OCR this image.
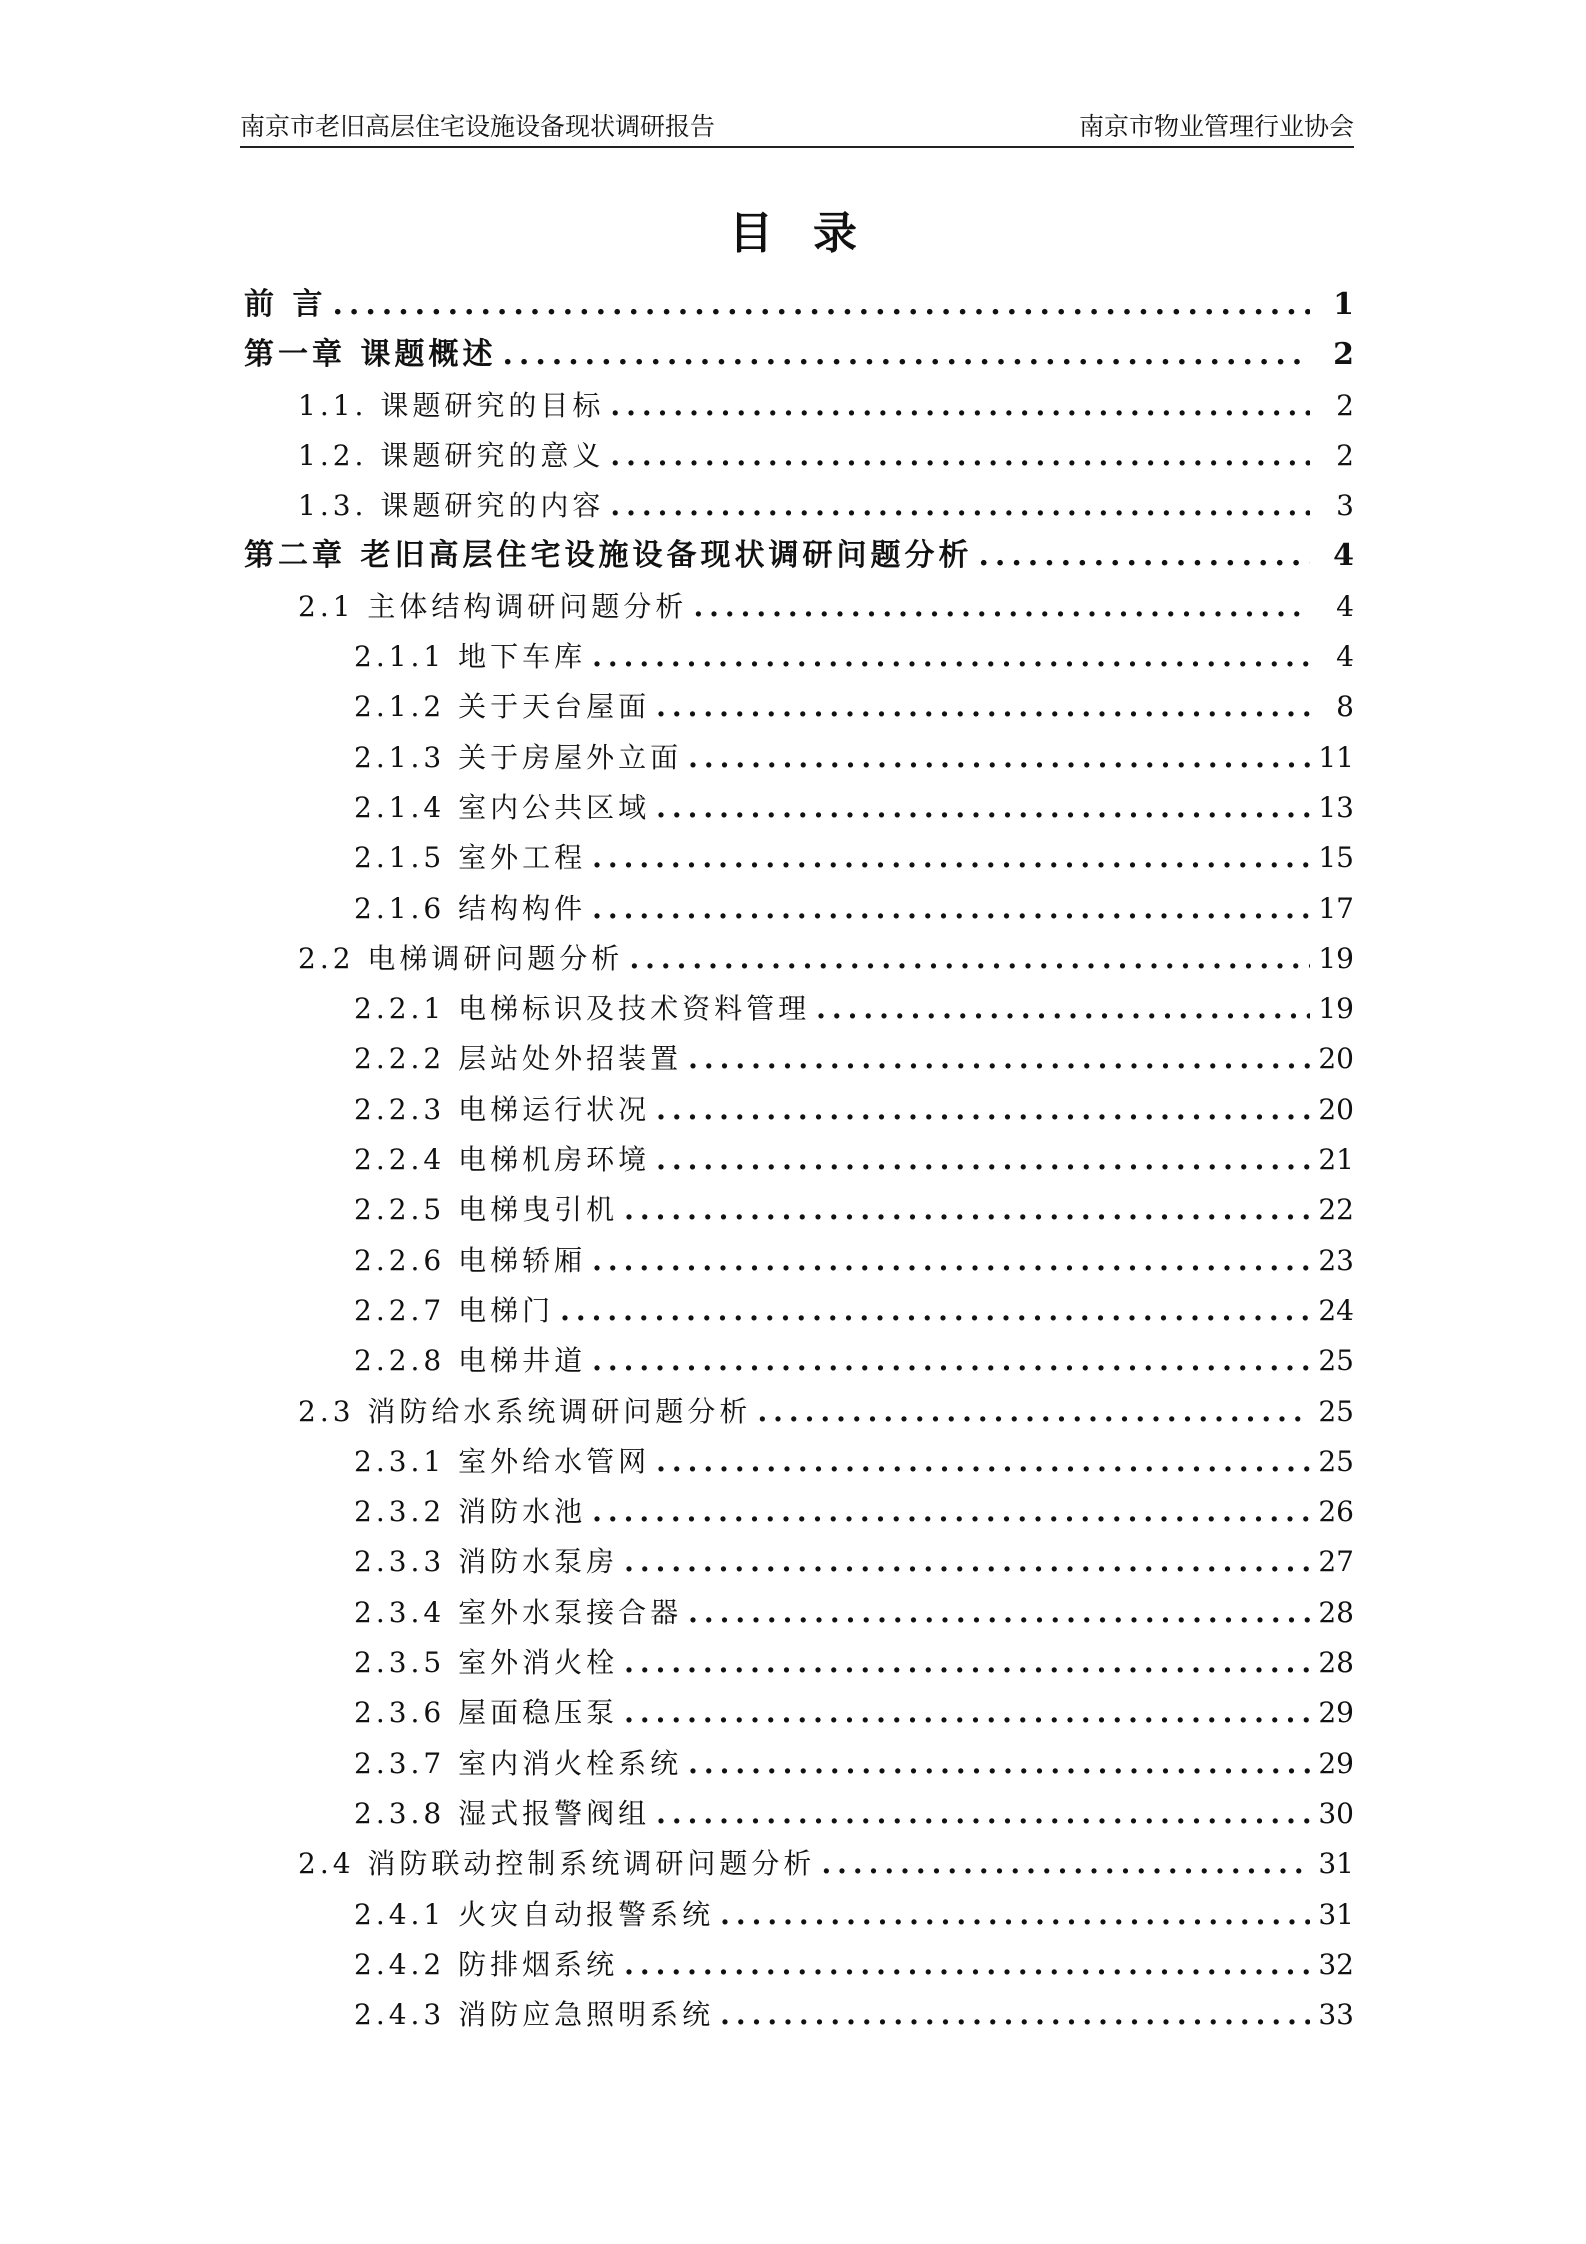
南京市老旧高层住宅设施设备现状调研报告	南京市物业管理行业协会
目录
前 言 .....	1
第一章 课题概述 .....	2
1.1. 课题研究的目标 .....	2
1.2. 课题研究的意义 .....	2
1.3. 课题研究的内容 .....	3
第二章 老旧高层住宅设施设备现状调研问题分析 .....	4
2.1 主体结构调研问题分析 .....	4
2.1.1 地下车库 .....	4
2.1.2 关于天台屋面 .....	8
2.1.3 关于房屋外立面 .....	11
2.1.4 室内公共区域 .....	13
2.1.5 室外工程 .....	15
2.1.6 结构构件 .....	17
2.2 电梯调研问题分析 .....	19
2.2.1 电梯标识及技术资料管理 .....	19
2.2.2 层站处外招装置 .....	20
2.2.3 电梯运行状况 .....	20
2.2.4 电梯机房环境 .....	21
2.2.5 电梯曳引机 .....	22
2.2.6 电梯轿厢 .....	23
2.2.7 电梯门 .....	24
2.2.8 电梯井道 .....	25
2.3 消防给水系统调研问题分析 .....	25
2.3.1 室外给水管网 .....	25
2.3.2 消防水池 .....	26
2.3.3 消防水泵房 .....	27
2.3.4 室外水泵接合器 .....	28
2.3.5 室外消火栓 .....	28
2.3.6 屋面稳压泵 .....	29
2.3.7 室内消火栓系统 .....	29
2.3.8 湿式报警阀组 .....	30
2.4 消防联动控制系统调研问题分析 .....	31
2.4.1 火灾自动报警系统 .....	31
2.4.2 防排烟系统 .....	32
2.4.3 消防应急照明系统 .....	33
